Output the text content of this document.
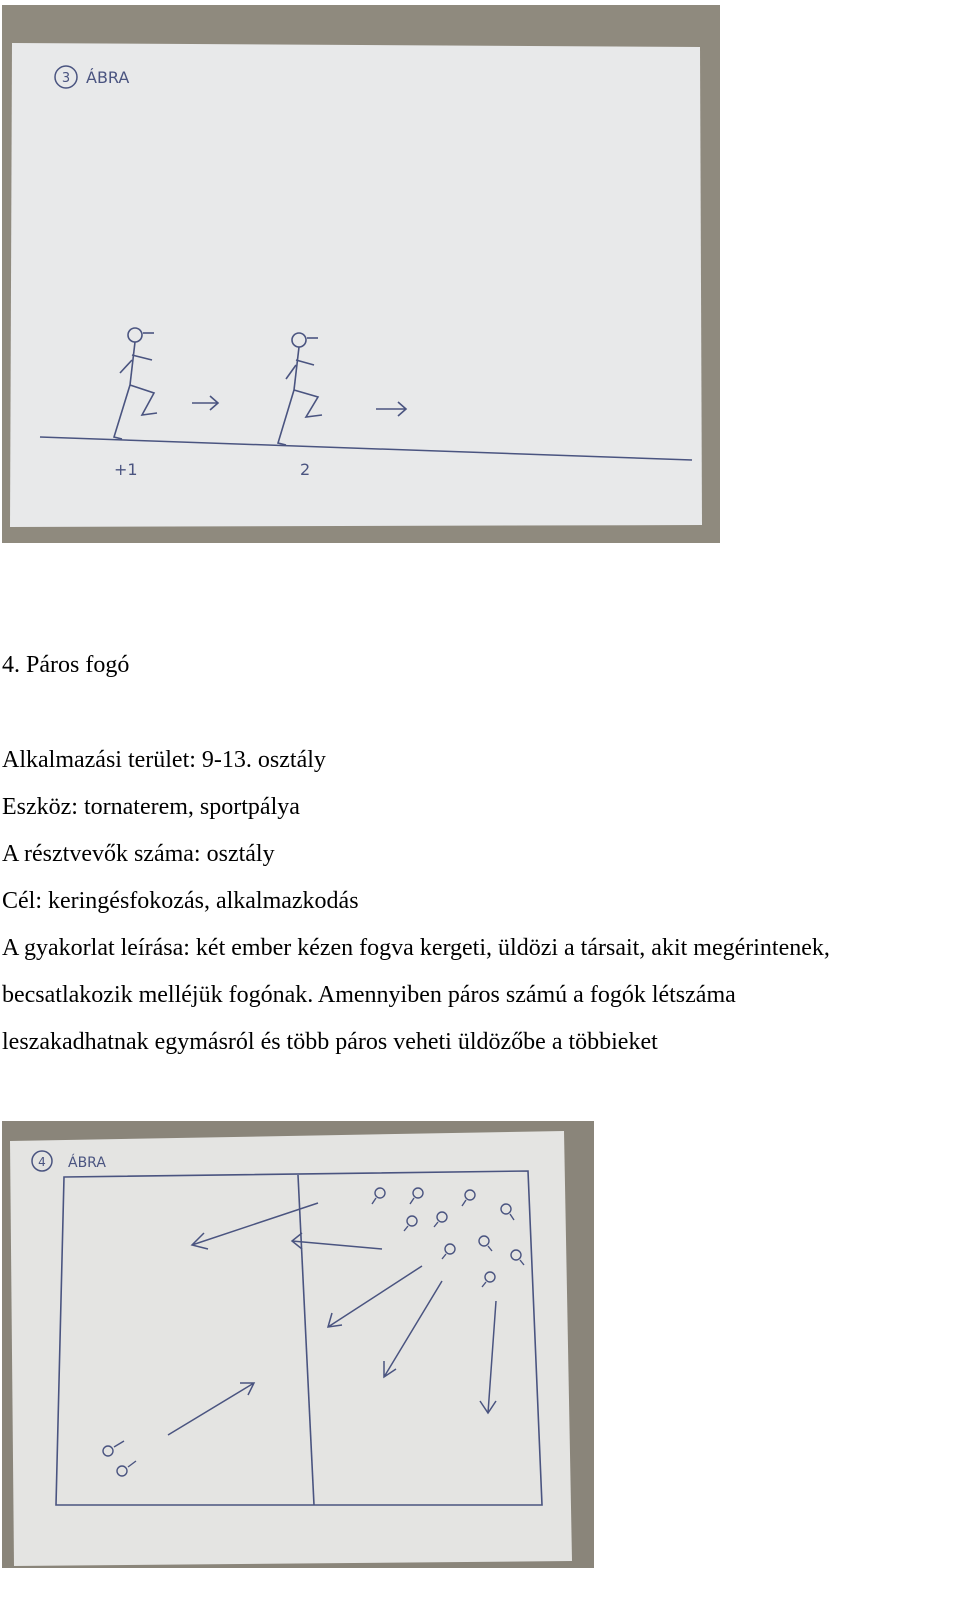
3 ÁBRA
+1	2
4. Páros fogó
Alkalmazási terület: 9-13. osztály
Eszköz: tornaterem, sportpálya
A résztvevők száma: osztály
Cél: keringésfokozás, alkalmazkodás
A gyakorlat leírása: két ember kézen fogva kergeti, üldözi a társait, akit megérintenek,
becsatlakozik melléjük fogónak. Amennyiben páros számú a fogók létszáma
leszakadhatnak egymásról és több páros veheti üldözőbe a többieket
4 ÁBRA
